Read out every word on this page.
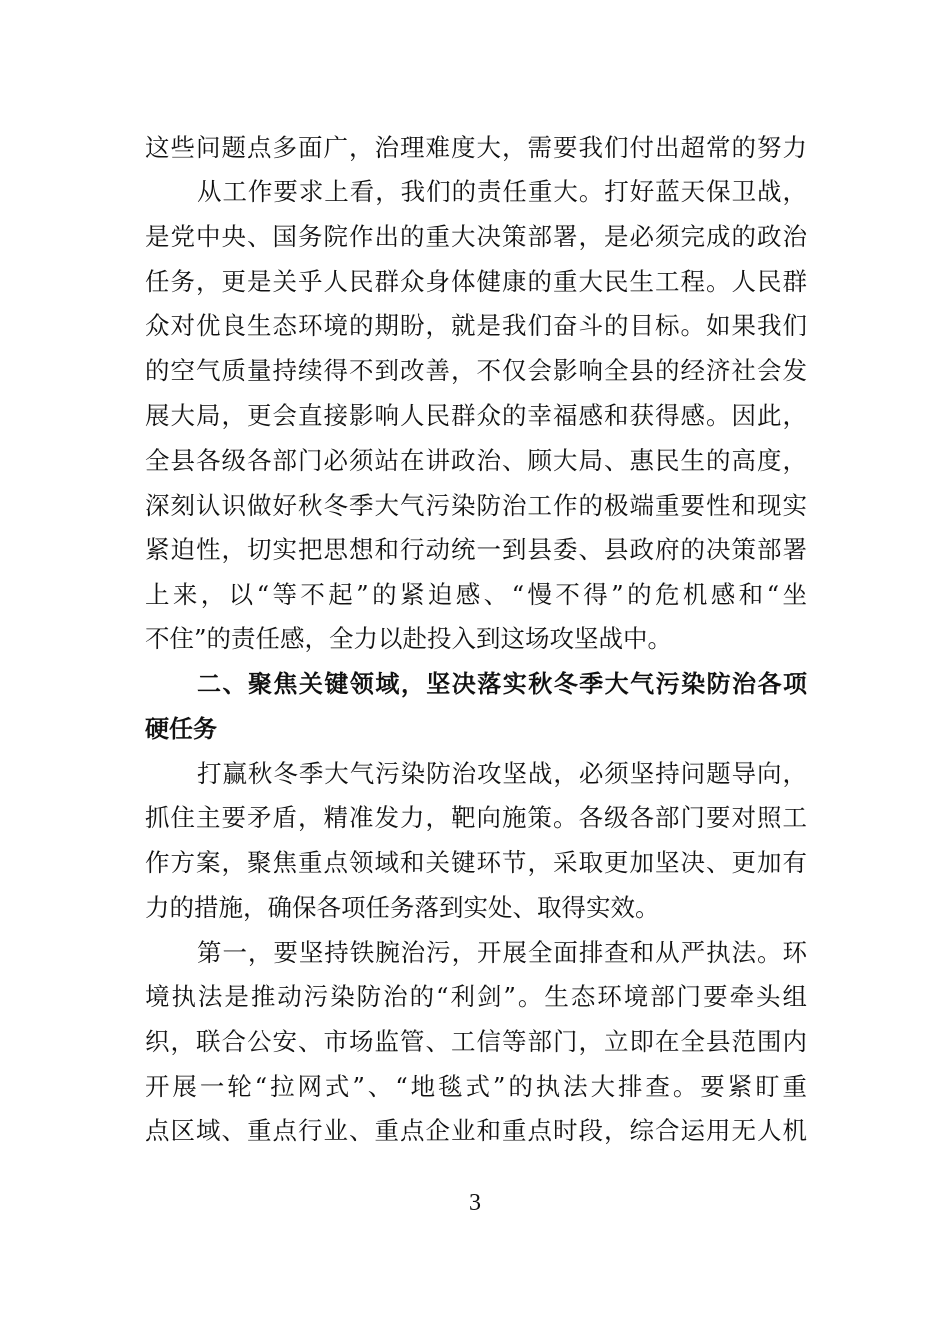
这些问题点多面广，治理难度大，需要我们付出超常的努力
从工作要求上看，我们的责任重大。打好蓝天保卫战，
是党中央、国务院作出的重大决策部署，是必须完成的政治
任务，更是关乎人民群众身体健康的重大民生工程。人民群
众对优良生态环境的期盼，就是我们奋斗的目标。如果我们
的空气质量持续得不到改善，不仅会影响全县的经济社会发
展大局，更会直接影响人民群众的幸福感和获得感。因此，
全县各级各部门必须站在讲政治、顾大局、惠民生的高度，
深刻认识做好秋冬季大气污染防治工作的极端重要性和现实
紧迫性，切实把思想和行动统一到县委、县政府的决策部署
上来，以“等不起”的紧迫感、“慢不得”的危机感和“坐
不住”的责任感，全力以赴投入到这场攻坚战中。
二、聚焦关键领域，坚决落实秋冬季大气污染防治各项
硬任务
打赢秋冬季大气污染防治攻坚战，必须坚持问题导向，
抓住主要矛盾，精准发力，靶向施策。各级各部门要对照工
作方案，聚焦重点领域和关键环节，采取更加坚决、更加有
力的措施，确保各项任务落到实处、取得实效。
第一，要坚持铁腕治污，开展全面排查和从严执法。环
境执法是推动污染防治的“利剑”。生态环境部门要牵头组
织，联合公安、市场监管、工信等部门，立即在全县范围内
开展一轮“拉网式”、“地毯式”的执法大排查。要紧盯重
点区域、重点行业、重点企业和重点时段，综合运用无人机
3
